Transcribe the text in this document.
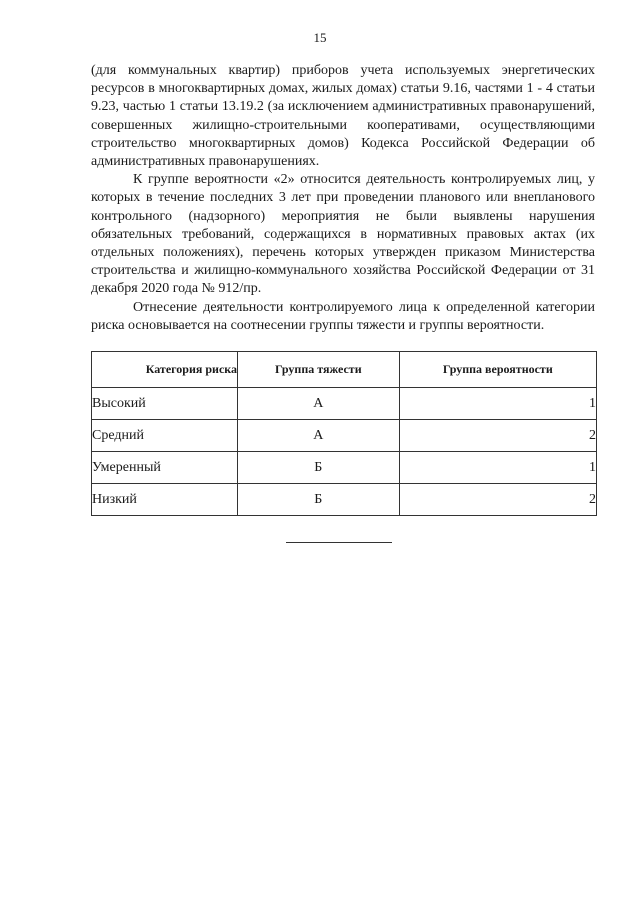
15

(для коммунальных квартир) приборов учета используемых энергетических ресурсов в многоквартирных домах, жилых домах) статьи 9.16, частями 1 - 4 статьи 9.23, частью 1 статьи 13.19.2 (за исключением административных правонарушений, совершенных жилищно-строительными кооперативами, осуществляющими строительство многоквартирных домов) Кодекса Российской Федерации об административных правонарушениях.

К группе вероятности «2» относится деятельность контролируемых лиц, у которых в течение последних 3 лет при проведении планового или внепланового контрольного (надзорного) мероприятия не были выявлены нарушения обязательных требований, содержащихся в нормативных правовых актах (их отдельных положениях), перечень которых утвержден приказом Министерства строительства и жилищно-коммунального хозяйства Российской Федерации от 31 декабря 2020 года № 912/пр.

Отнесение деятельности контролируемого лица к определенной категории риска основывается на соотнесении группы тяжести и группы вероятности.

Категория риска	Группа тяжести	Группа вероятности
Высокий	А	1
Средний	А	2
Умеренный	Б	1
Низкий	Б	2
